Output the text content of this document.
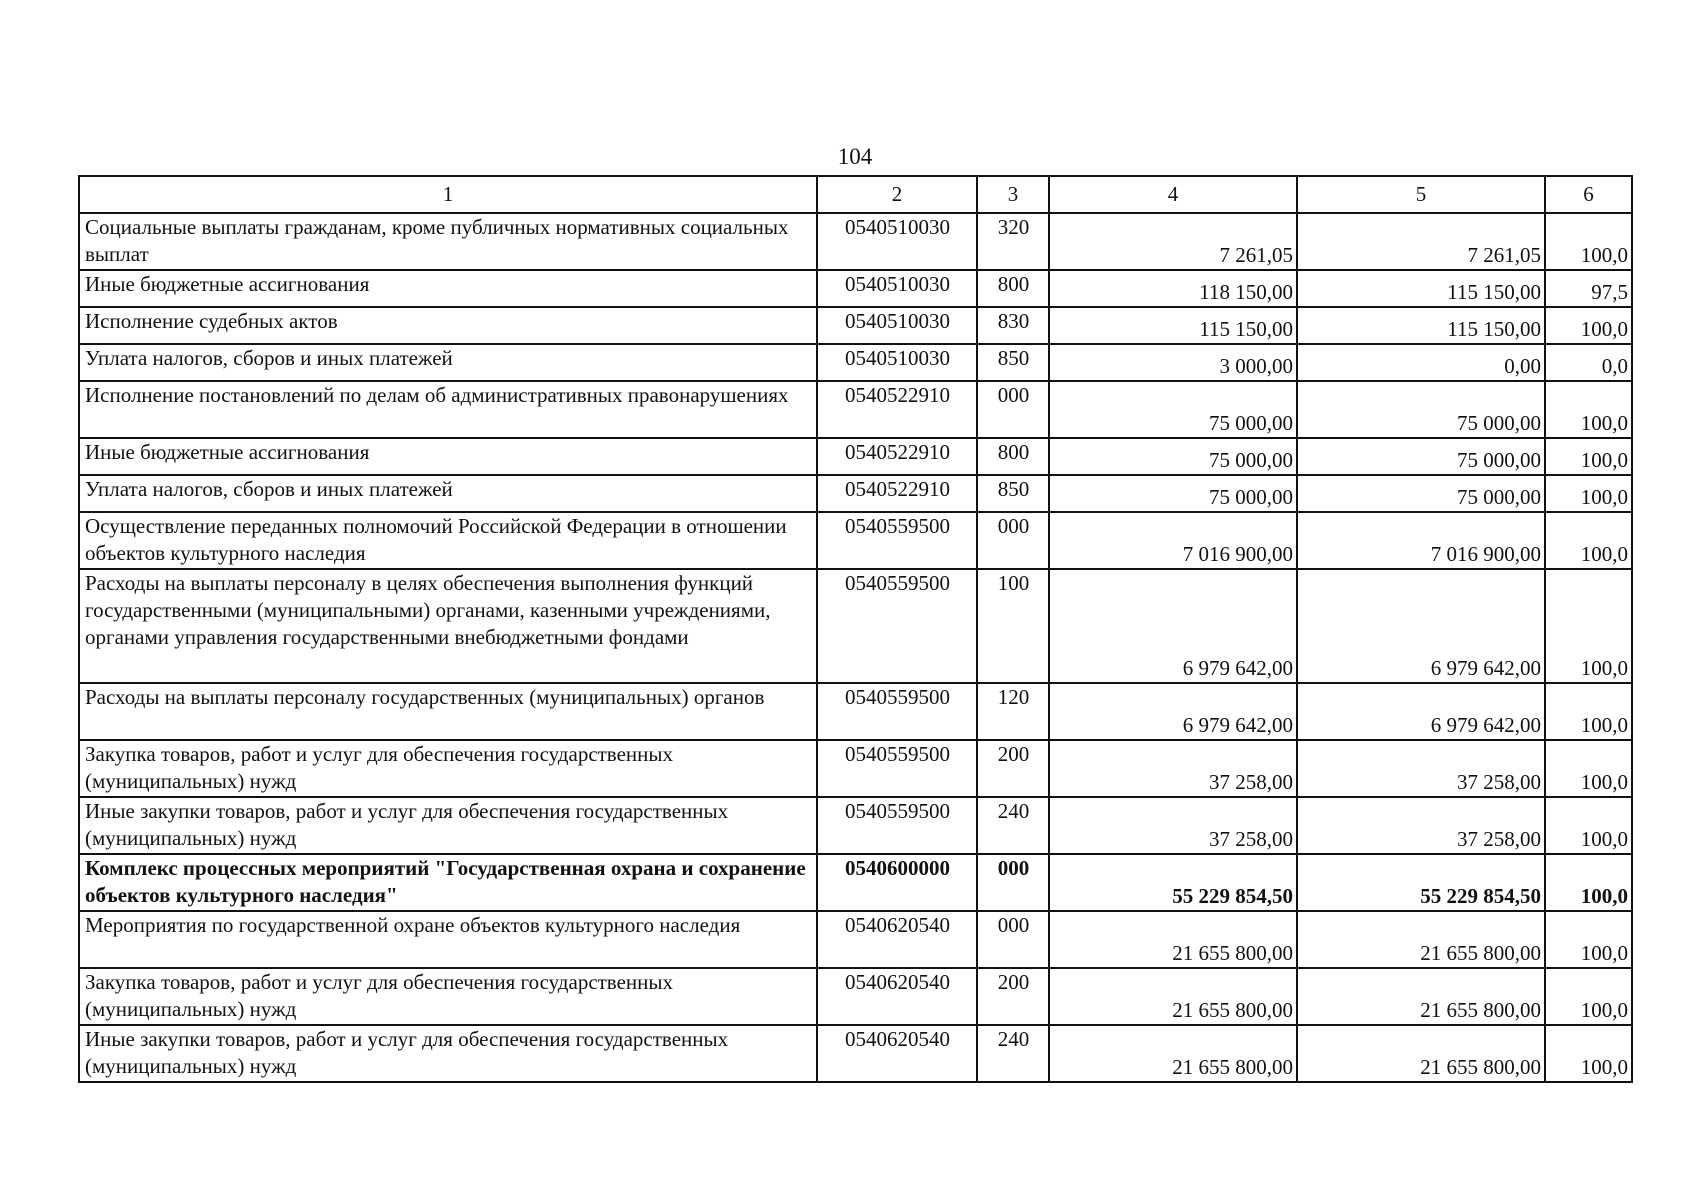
104
1	2	3	4	5	6
Социальные выплаты гражданам, кроме публичных нормативных социальных выплат	0540510030	320	7 261,05	7 261,05	100,0
Иные бюджетные ассигнования	0540510030	800	118 150,00	115 150,00	97,5
Исполнение судебных актов	0540510030	830	115 150,00	115 150,00	100,0
Уплата налогов, сборов и иных платежей	0540510030	850	3 000,00	0,00	0,0
Исполнение постановлений по делам об административных правонарушениях	0540522910	000	75 000,00	75 000,00	100,0
Иные бюджетные ассигнования	0540522910	800	75 000,00	75 000,00	100,0
Уплата налогов, сборов и иных платежей	0540522910	850	75 000,00	75 000,00	100,0
Осуществление переданных полномочий Российской Федерации в отношении объектов культурного наследия	0540559500	000	7 016 900,00	7 016 900,00	100,0
Расходы на выплаты персоналу в целях обеспечения выполнения функций государственными (муниципальными) органами, казенными учреждениями, органами управления государственными внебюджетными фондами	0540559500	100	6 979 642,00	6 979 642,00	100,0
Расходы на выплаты персоналу государственных (муниципальных) органов	0540559500	120	6 979 642,00	6 979 642,00	100,0
Закупка товаров, работ и услуг для обеспечения государственных (муниципальных) нужд	0540559500	200	37 258,00	37 258,00	100,0
Иные закупки товаров, работ и услуг для обеспечения государственных (муниципальных) нужд	0540559500	240	37 258,00	37 258,00	100,0
Комплекс процессных мероприятий "Государственная охрана и сохранение объектов культурного наследия"	0540600000	000	55 229 854,50	55 229 854,50	100,0
Мероприятия по государственной охране объектов культурного наследия	0540620540	000	21 655 800,00	21 655 800,00	100,0
Закупка товаров, работ и услуг для обеспечения государственных (муниципальных) нужд	0540620540	200	21 655 800,00	21 655 800,00	100,0
Иные закупки товаров, работ и услуг для обеспечения государственных (муниципальных) нужд	0540620540	240	21 655 800,00	21 655 800,00	100,0
